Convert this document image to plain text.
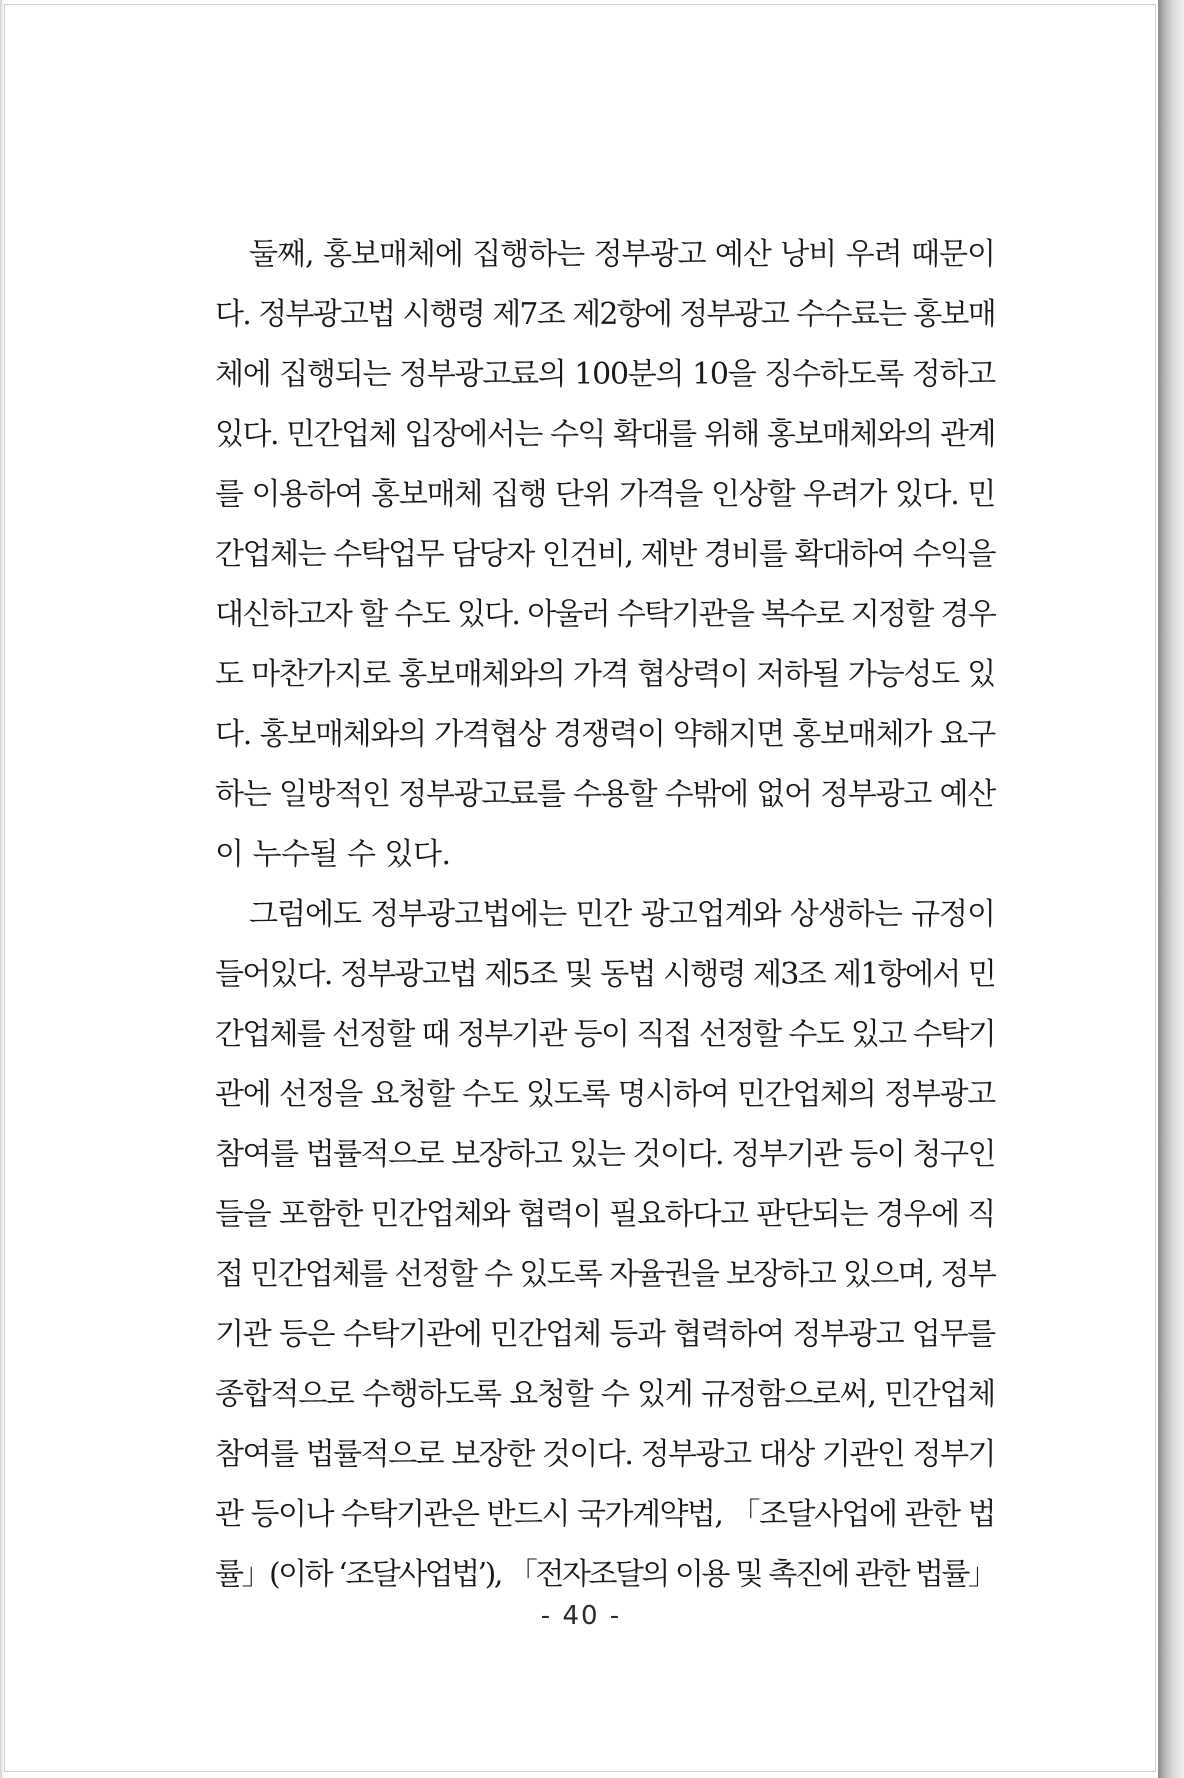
둘째, 홍보매체에 집행하는 정부광고 예산 낭비 우려 때문이
다. 정부광고법 시행령 제7조 제2항에 정부광고 수수료는 홍보매
체에 집행되는 정부광고료의 100분의 10을 징수하도록 정하고
있다. 민간업체 입장에서는 수익 확대를 위해 홍보매체와의 관계
를 이용하여 홍보매체 집행 단위 가격을 인상할 우려가 있다. 민
간업체는 수탁업무 담당자 인건비, 제반 경비를 확대하여 수익을
대신하고자 할 수도 있다. 아울러 수탁기관을 복수로 지정할 경우
도 마찬가지로 홍보매체와의 가격 협상력이 저하될 가능성도 있
다. 홍보매체와의 가격협상 경쟁력이 약해지면 홍보매체가 요구
하는 일방적인 정부광고료를 수용할 수밖에 없어 정부광고 예산
이 누수될 수 있다.
그럼에도 정부광고법에는 민간 광고업계와 상생하는 규정이
들어있다. 정부광고법 제5조 및 동법 시행령 제3조 제1항에서 민
간업체를 선정할 때 정부기관 등이 직접 선정할 수도 있고 수탁기
관에 선정을 요청할 수도 있도록 명시하여 민간업체의 정부광고
참여를 법률적으로 보장하고 있는 것이다. 정부기관 등이 청구인
들을 포함한 민간업체와 협력이 필요하다고 판단되는 경우에 직
접 민간업체를 선정할 수 있도록 자율권을 보장하고 있으며, 정부
기관 등은 수탁기관에 민간업체 등과 협력하여 정부광고 업무를
종합적으로 수행하도록 요청할 수 있게 규정함으로써, 민간업체
참여를 법률적으로 보장한 것이다. 정부광고 대상 기관인 정부기
관 등이나 수탁기관은 반드시 국가계약법, 「조달사업에 관한 법
률」(이하 ‘조달사업법’), 「전자조달의 이용 및 촉진에 관한 법률」
- 40 -
